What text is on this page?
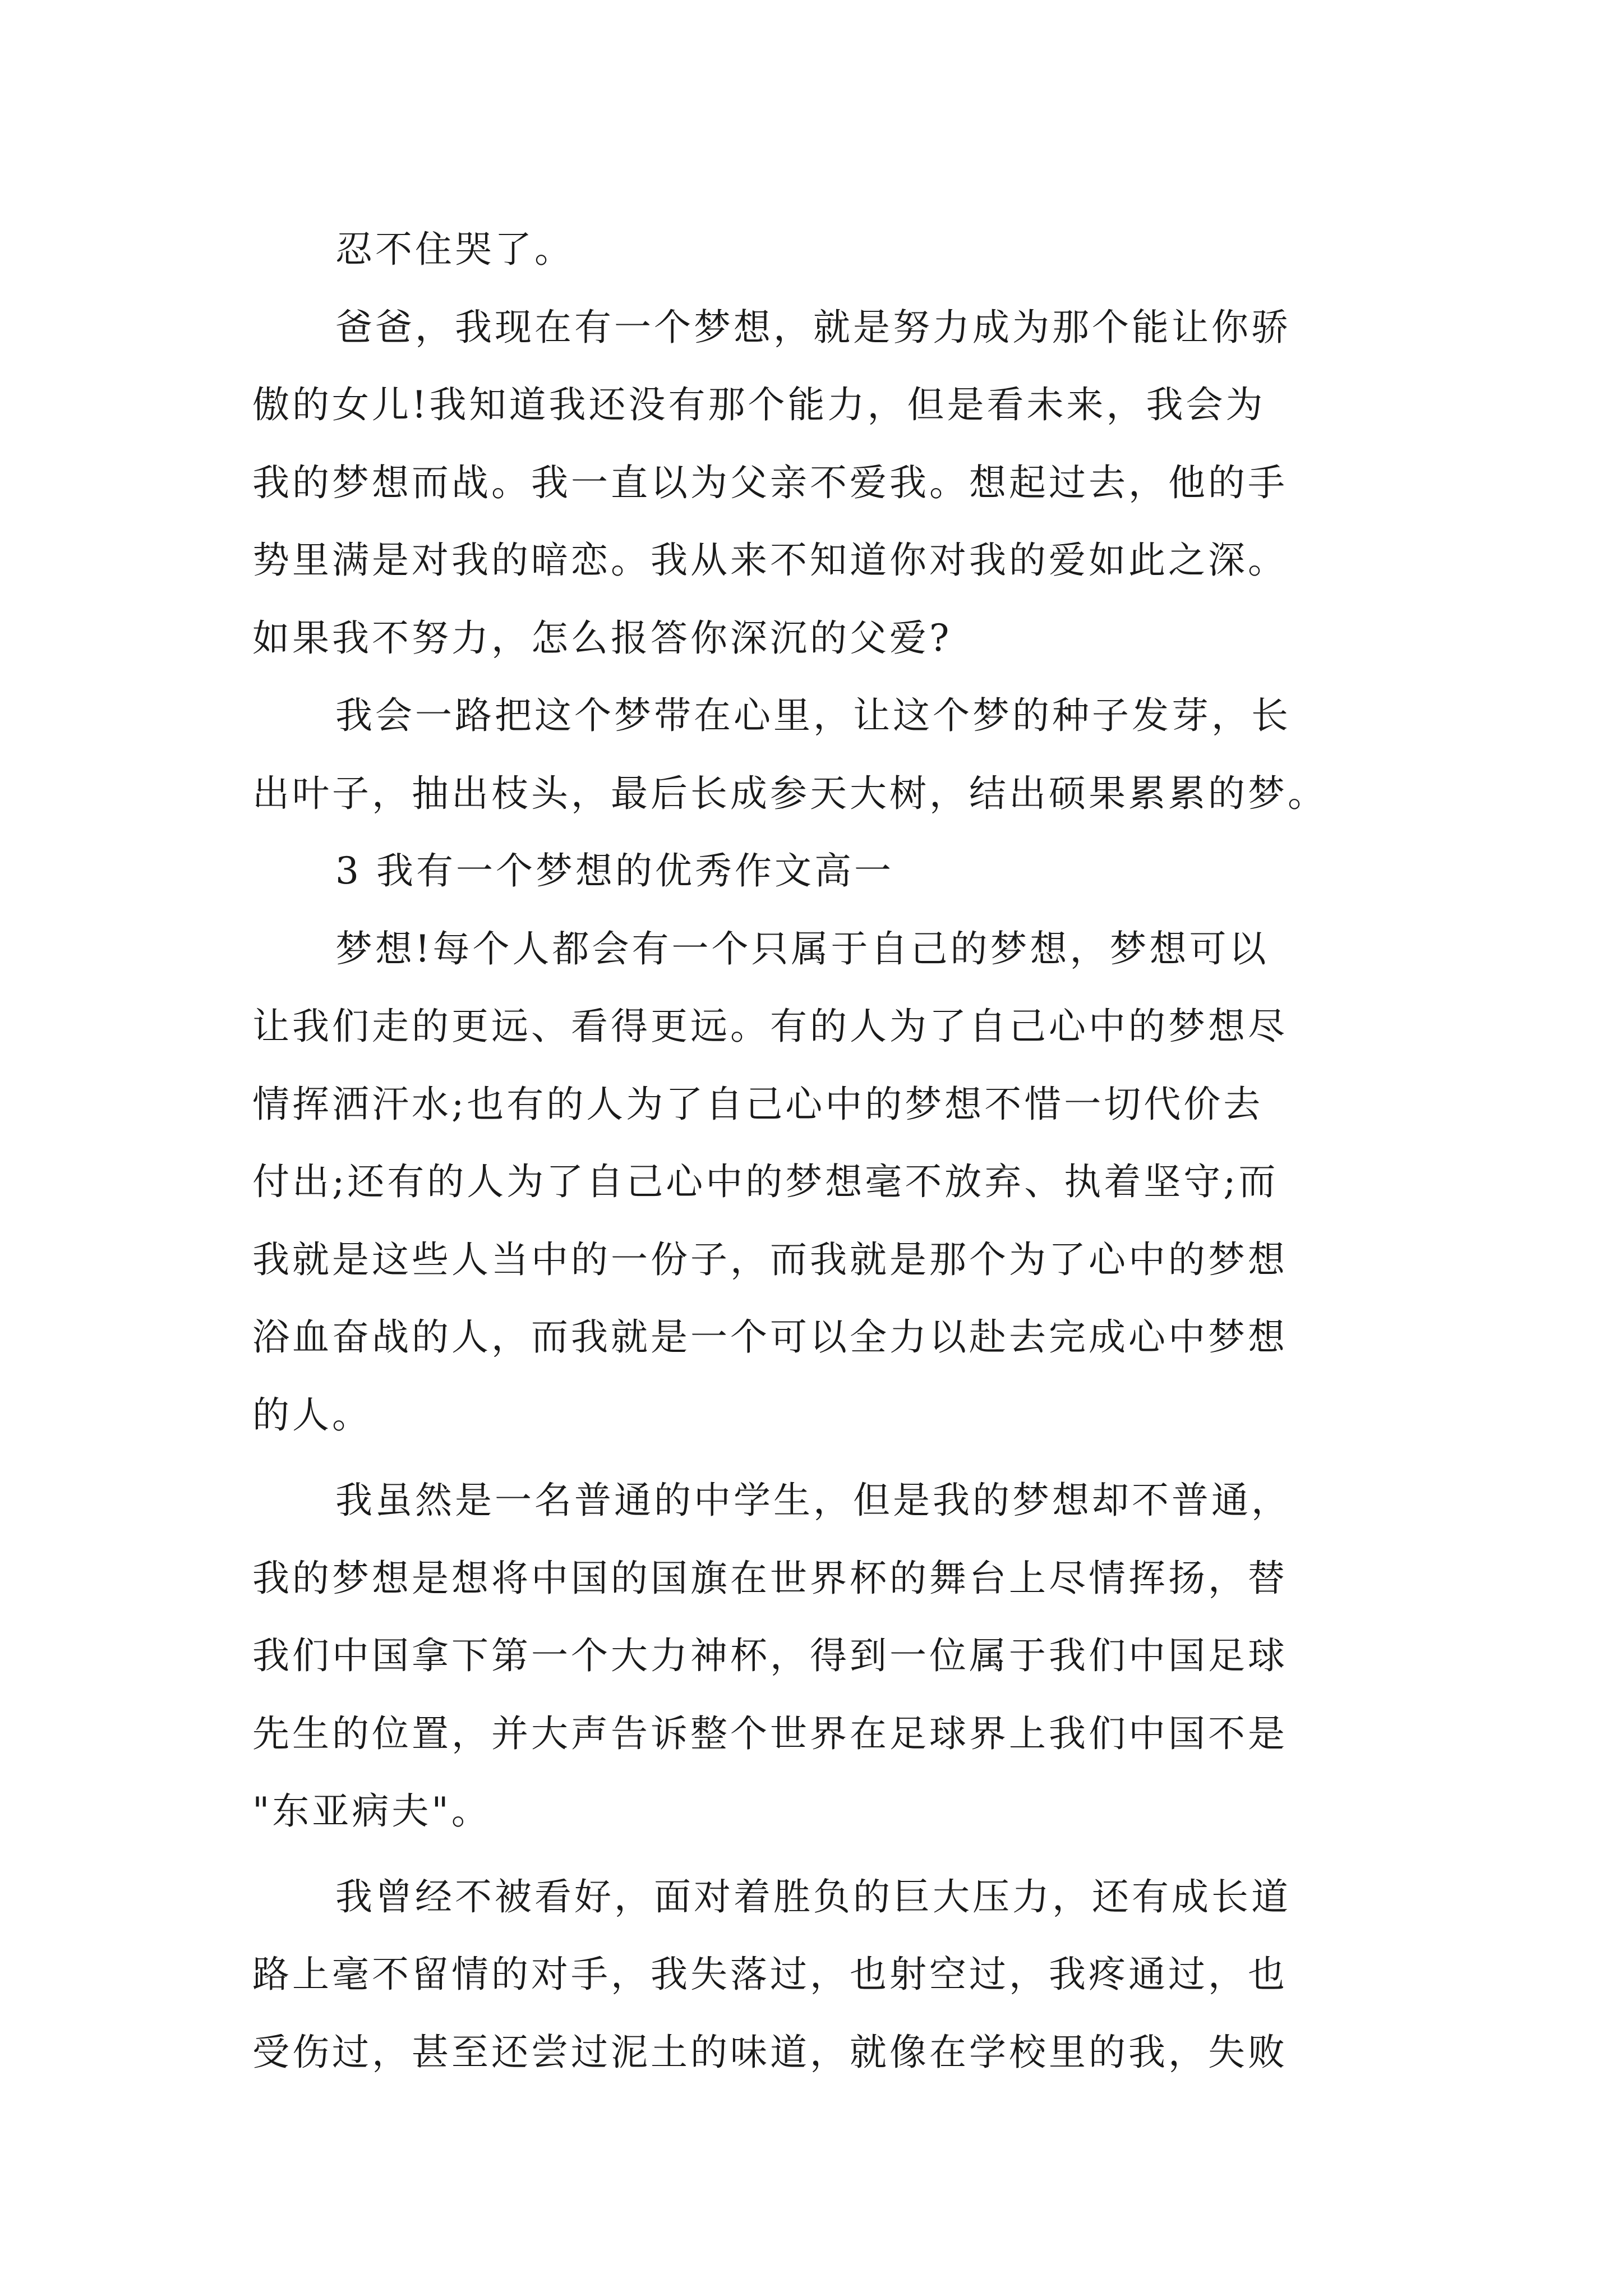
忍不住哭了。
爸爸，我现在有一个梦想，就是努力成为那个能让你骄
傲的女儿!我知道我还没有那个能力，但是看未来，我会为
我的梦想而战。我一直以为父亲不爱我。想起过去，他的手
势里满是对我的暗恋。我从来不知道你对我的爱如此之深。
如果我不努力，怎么报答你深沉的父爱?
我会一路把这个梦带在心里，让这个梦的种子发芽，长
出叶子，抽出枝头，最后长成参天大树，结出硕果累累的梦。
3 我有一个梦想的优秀作文高一
梦想!每个人都会有一个只属于自己的梦想，梦想可以
让我们走的更远、看得更远。有的人为了自己心中的梦想尽
情挥洒汗水;也有的人为了自己心中的梦想不惜一切代价去
付出;还有的人为了自己心中的梦想毫不放弃、执着坚守;而
我就是这些人当中的一份子，而我就是那个为了心中的梦想
浴血奋战的人，而我就是一个可以全力以赴去完成心中梦想
的人。
我虽然是一名普通的中学生，但是我的梦想却不普通，
我的梦想是想将中国的国旗在世界杯的舞台上尽情挥扬，替
我们中国拿下第一个大力神杯，得到一位属于我们中国足球
先生的位置，并大声告诉整个世界在足球界上我们中国不是
"东亚病夫"。
我曾经不被看好，面对着胜负的巨大压力，还有成长道
路上毫不留情的对手，我失落过，也射空过，我疼通过，也
受伤过，甚至还尝过泥土的味道，就像在学校里的我，失败
